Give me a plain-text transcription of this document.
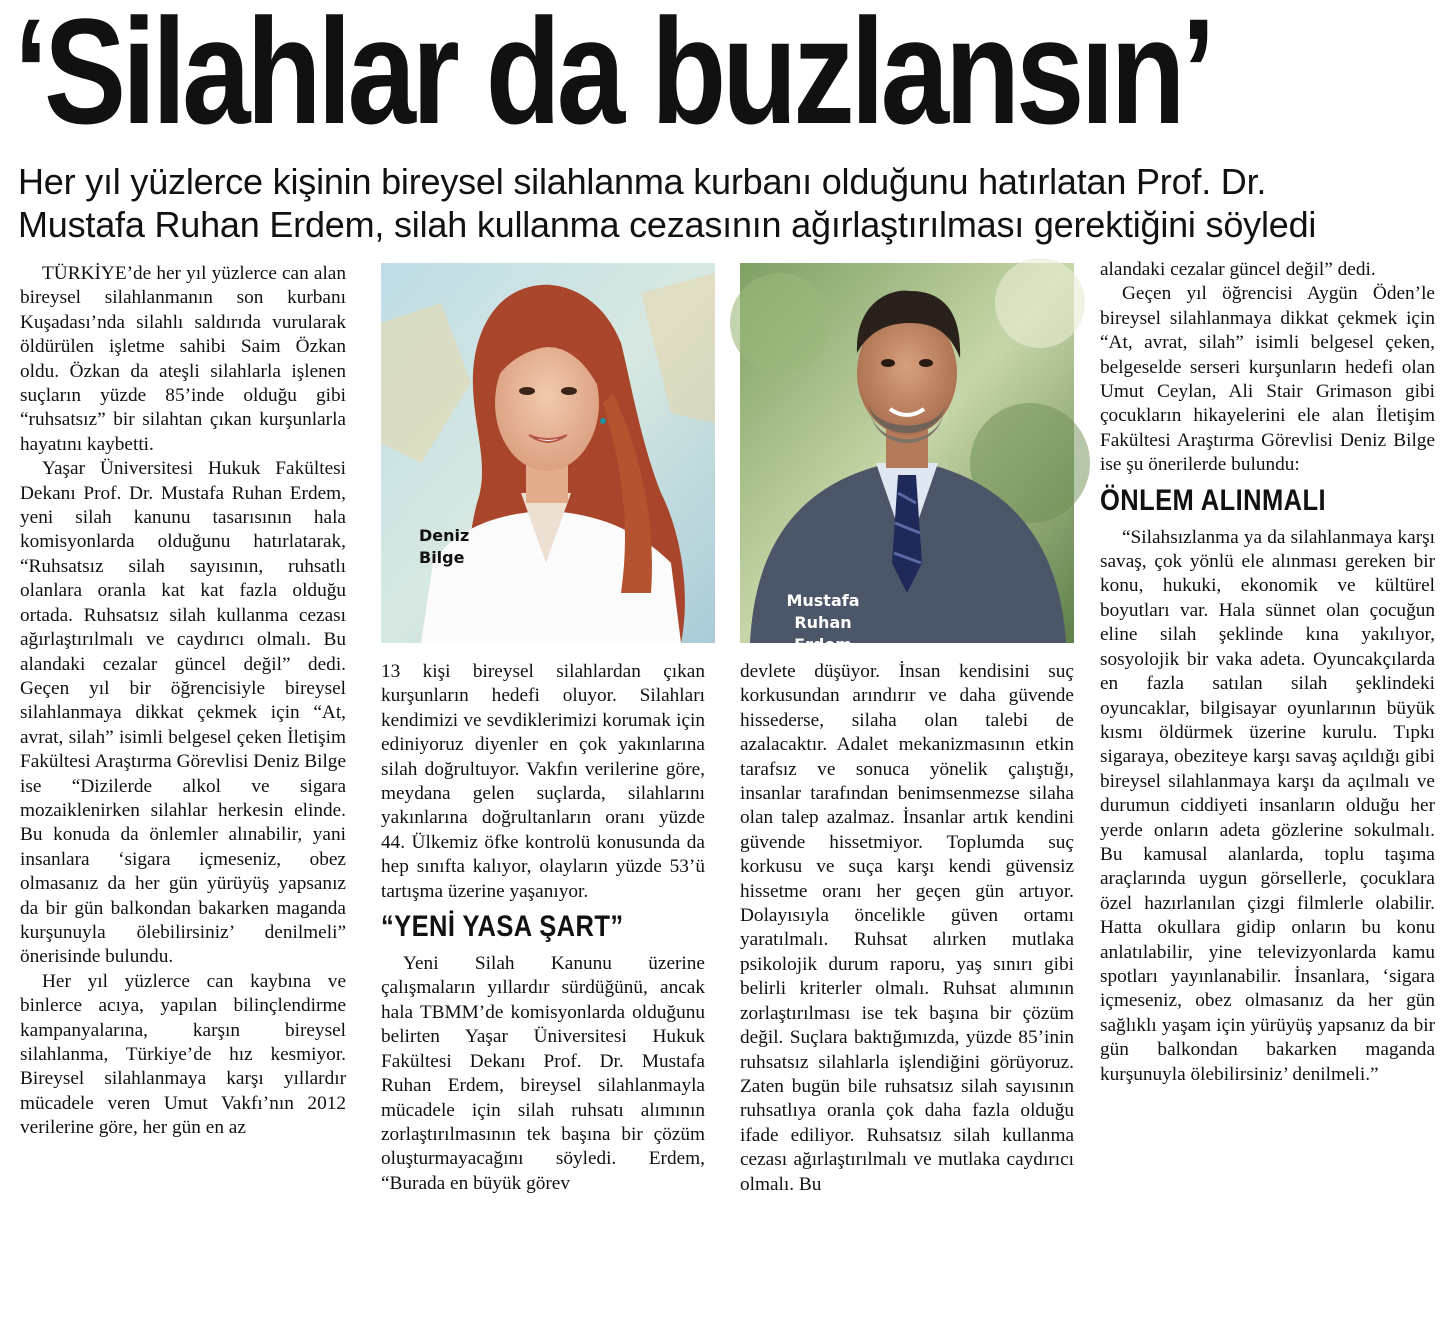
‘Silahlar da buzlansın’
Her yıl yüzlerce kişinin bireysel silahlanma kurbanı olduğunu hatırlatan Prof. Dr.
Mustafa Ruhan Erdem, silah kullanma cezasının ağırlaştırılması gerektiğini söyledi

TÜRKİYE’de her yıl yüzlerce can alan bireysel silahlanmanın son kurbanı Kuşadası’nda silahlı saldırıda vurularak öldürülen işletme sahibi Saim Özkan oldu. Özkan da ateşli silahlarla işlenen suçların yüzde 85’inde olduğu gibi “ruhsatsız” bir silahtan çıkan kurşunlarla hayatını kaybetti.

Yaşar Üniversitesi Hukuk Fakültesi Dekanı Prof. Dr. Mustafa Ruhan Erdem, yeni silah kanunu tasarısının hala komisyonlarda olduğunu hatırlatarak, “Ruhsatsız silah sayısının, ruhsatlı olanlara oranla kat kat fazla olduğu ortada. Ruhsatsız silah kullanma cezası ağırlaştırılmalı ve caydırıcı olmalı. Bu alandaki cezalar güncel değil” dedi. Geçen yıl bir öğrencisiyle bireysel silahlanmaya dikkat çekmek için “At, avrat, silah” isimli belgesel çeken İletişim Fakültesi Araştırma Görevlisi Deniz Bilge ise “Dizilerde alkol ve sigara mozaiklenirken silahlar herkesin elinde. Bu konuda da önlemler alınabilir, yani insanlara ‘sigara içmeseniz, obez olmasanız da her gün yürüyüş yapsanız da bir gün balkondan bakarken maganda kurşunuyla ölebilirsiniz’ denilmeli” önerisinde bulundu.

Her yıl yüzlerce can kaybına ve binlerce acıya, yapılan bilinçlendirme kampanyalarına, karşın bireysel silahlanma, Türkiye’de hız kesmiyor. Bireysel silahlanmaya karşı yıllardır mücadele veren Umut Vakfı’nın 2012 verilerine göre, her gün en az

Deniz
Bilge
Mustafa Ruhan
Erdem

13 kişi bireysel silahlardan çıkan kurşunların hedefi oluyor. Silahları kendimizi ve sevdiklerimizi korumak için ediniyoruz diyenler en çok yakınlarına silah doğrultuyor. Vakfın verilerine göre, meydana gelen suçlarda, silahlarını yakınlarına doğrultanların oranı yüzde 44. Ülkemiz öfke kontrolü konusunda da hep sınıfta kalıyor, olayların yüzde 53’ü tartışma üzerine yaşanıyor.

“YENİ YASA ŞART”

Yeni Silah Kanunu üzerine çalışmaların yıllardır sürdüğünü, ancak hala TBMM’de komisyonlarda olduğunu belirten Yaşar Üniversitesi Hukuk Fakültesi Dekanı Prof. Dr. Mustafa Ruhan Erdem, bireysel silahlanmayla mücadele için silah ruhsatı alımının zorlaştırılmasının tek başına bir çözüm oluşturmayacağını söyledi. Erdem, “Burada en büyük görev

devlete düşüyor. İnsan kendisini suç korkusundan arındırır ve daha güvende hissederse, silaha olan talebi de azalacaktır. Adalet mekanizmasının etkin tarafsız ve sonuca yönelik çalıştığı, insanlar tarafından benimsenmezse silaha olan talep azalmaz. İnsanlar artık kendini güvende hissetmiyor. Toplumda suç korkusu ve suça karşı kendi güvensiz hissetme oranı her geçen gün artıyor. Dolayısıyla öncelikle güven ortamı yaratılmalı. Ruhsat alırken mutlaka psikolojik durum raporu, yaş sınırı gibi belirli kriterler olmalı. Ruhsat alımının zorlaştırılması ise tek başına bir çözüm değil. Suçlara baktığımızda, yüzde 85’inin ruhsatsız silahlarla işlendiğini görüyoruz. Zaten bugün bile ruhsatsız silah sayısının ruhsatlıya oranla çok daha fazla olduğu ifade ediliyor. Ruhsatsız silah kullanma cezası ağırlaştırılmalı ve mutlaka caydırıcı olmalı. Bu

alandaki cezalar güncel değil” dedi.

Geçen yıl öğrencisi Aygün Öden’le bireysel silahlanmaya dikkat çekmek için “At, avrat, silah” isimli belgesel çeken, belgeselde serseri kurşunların hedefi olan Umut Ceylan, Ali Stair Grimason gibi çocukların hikayelerini ele alan İletişim Fakültesi Araştırma Görevlisi Deniz Bilge ise şu önerilerde bulundu:

ÖNLEM ALINMALI

“Silahsızlanma ya da silahlanmaya karşı savaş, çok yönlü ele alınması gereken bir konu, hukuki, ekonomik ve kültürel boyutları var. Hala sünnet olan çocuğun eline silah şeklinde kına yakılıyor, sosyolojik bir vaka adeta. Oyuncakçılarda en fazla satılan silah şeklindeki oyuncaklar, bilgisayar oyunlarının büyük kısmı öldürmek üzerine kurulu. Tıpkı sigaraya, obeziteye karşı savaş açıldığı gibi bireysel silahlanmaya karşı da açılmalı ve durumun ciddiyeti insanların olduğu her yerde onların adeta gözlerine sokulmalı. Bu kamusal alanlarda, toplu taşıma araçlarında uygun görsellerle, çocuklara özel hazırlanılan çizgi filmlerle olabilir. Hatta okullara gidip onların bu konu anlatılabilir, yine televizyonlarda kamu spotları yayınlanabilir. İnsanlara, ‘sigara içmeseniz, obez olmasanız da her gün sağlıklı yaşam için yürüyüş yapsanız da bir gün balkondan bakarken maganda kurşunuyla ölebilirsiniz’ denilmeli.”
